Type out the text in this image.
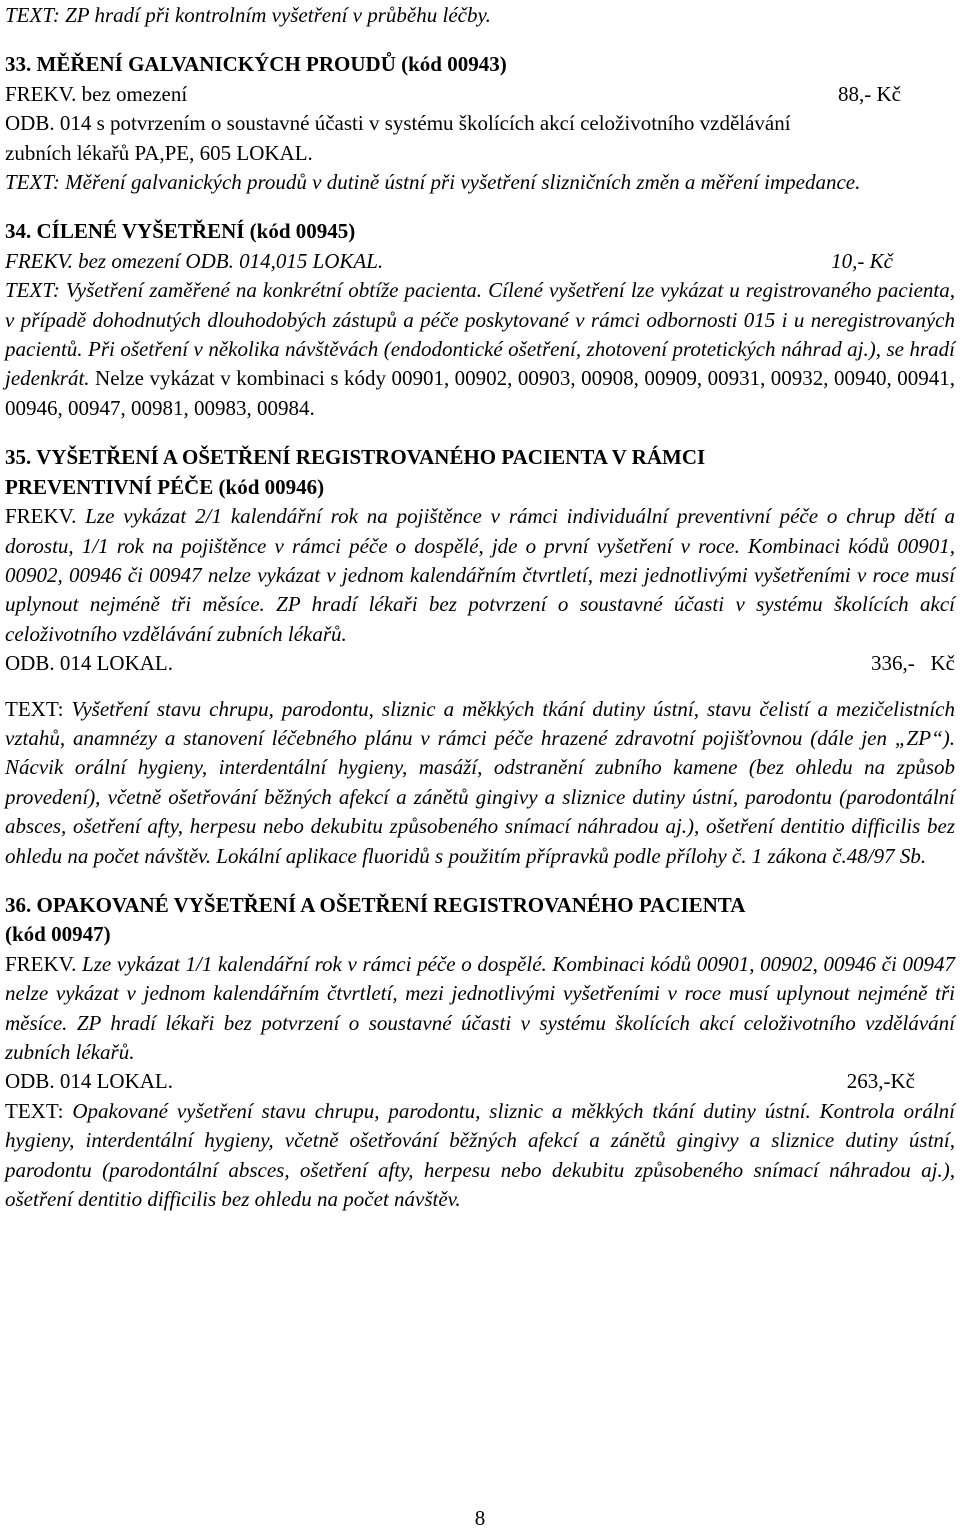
TEXT: ZP hradí při kontrolním vyšetření v průběhu léčby.

33. MĚŘENÍ GALVANICKÝCH PROUDŮ (kód 00943)

FREKV. bez omezení	88,- Kč

ODB. 014 s potvrzením o soustavné účasti v systému školících akcí celoživotního vzdělávání

zubních lékařů PA,PE, 605 LOKAL.

TEXT: Měření galvanických proudů v dutině ústní při vyšetření slizničních změn a měření impedance.

34. CÍLENÉ VYŠETŘENÍ (kód 00945)

FREKV. bez omezení ODB. 014,015 LOKAL.	10,- Kč

TEXT: Vyšetření zaměřené na konkrétní obtíže pacienta. Cílené vyšetření lze vykázat u registrovaného pacienta, v případě dohodnutých dlouhodobých zástupů a péče poskytované v rámci odbornosti 015 i u neregistrovaných pacientů. Při ošetření v několika návštěvách (endodontické ošetření, zhotovení protetických náhrad aj.), se hradí jedenkrát. Nelze vykázat v kombinaci s kódy 00901, 00902, 00903, 00908, 00909, 00931, 00932, 00940, 00941, 00946, 00947, 00981, 00983, 00984.

35. VYŠETŘENÍ A OŠETŘENÍ REGISTROVANÉHO PACIENTA V RÁMCI

PREVENTIVNÍ PÉČE (kód 00946)

FREKV. Lze vykázat 2/1 kalendářní rok na pojištěnce v rámci individuální preventivní péče o chrup dětí a dorostu, 1/1 rok na pojištěnce v rámci péče o dospělé, jde o první vyšetření v roce. Kombinaci kódů 00901, 00902, 00946 či 00947 nelze vykázat v jednom kalendářním čtvrtletí, mezi jednotlivými vyšetřeními v roce musí uplynout nejméně tři měsíce. ZP hradí lékaři bez potvrzení o soustavné účasti v systému školících akcí celoživotního vzdělávání zubních lékařů.

ODB. 014 LOKAL.	336,-   Kč

TEXT: Vyšetření stavu chrupu, parodontu, sliznic a měkkých tkání dutiny ústní, stavu čelistí a mezičelistních vztahů, anamnézy a stanovení léčebného plánu v rámci péče hrazené zdravotní pojišťovnou (dále jen „ZP“). Nácvik orální hygieny, interdentální hygieny, masáží, odstranění zubního kamene (bez ohledu na způsob provedení), včetně ošetřování běžných afekcí a zánětů gingivy a sliznice dutiny ústní, parodontu (parodontální absces, ošetření afty, herpesu nebo dekubitu způsobeného snímací náhradou aj.), ošetření dentitio difficilis bez ohledu na počet návštěv. Lokální aplikace fluoridů s použitím přípravků podle přílohy č. 1 zákona č.48/97 Sb.

36. OPAKOVANÉ VYŠETŘENÍ A OŠETŘENÍ REGISTROVANÉHO PACIENTA

(kód 00947)

FREKV. Lze vykázat 1/1 kalendářní rok v rámci péče o dospělé. Kombinaci kódů 00901, 00902, 00946 či 00947 nelze vykázat v jednom kalendářním čtvrtletí, mezi jednotlivými vyšetřeními v roce musí uplynout nejméně tři měsíce. ZP hradí lékaři bez potvrzení o soustavné účasti v systému školících akcí celoživotního vzdělávání zubních lékařů.

ODB. 014 LOKAL.	263,-Kč

TEXT: Opakované vyšetření stavu chrupu, parodontu, sliznic a měkkých tkání dutiny ústní. Kontrola orální hygieny, interdentální hygieny, včetně ošetřování běžných afekcí a zánětů gingivy a sliznice dutiny ústní, parodontu (parodontální absces, ošetření afty, herpesu nebo dekubitu způsobeného snímací náhradou aj.), ošetření dentitio difficilis bez ohledu na počet návštěv.

8
